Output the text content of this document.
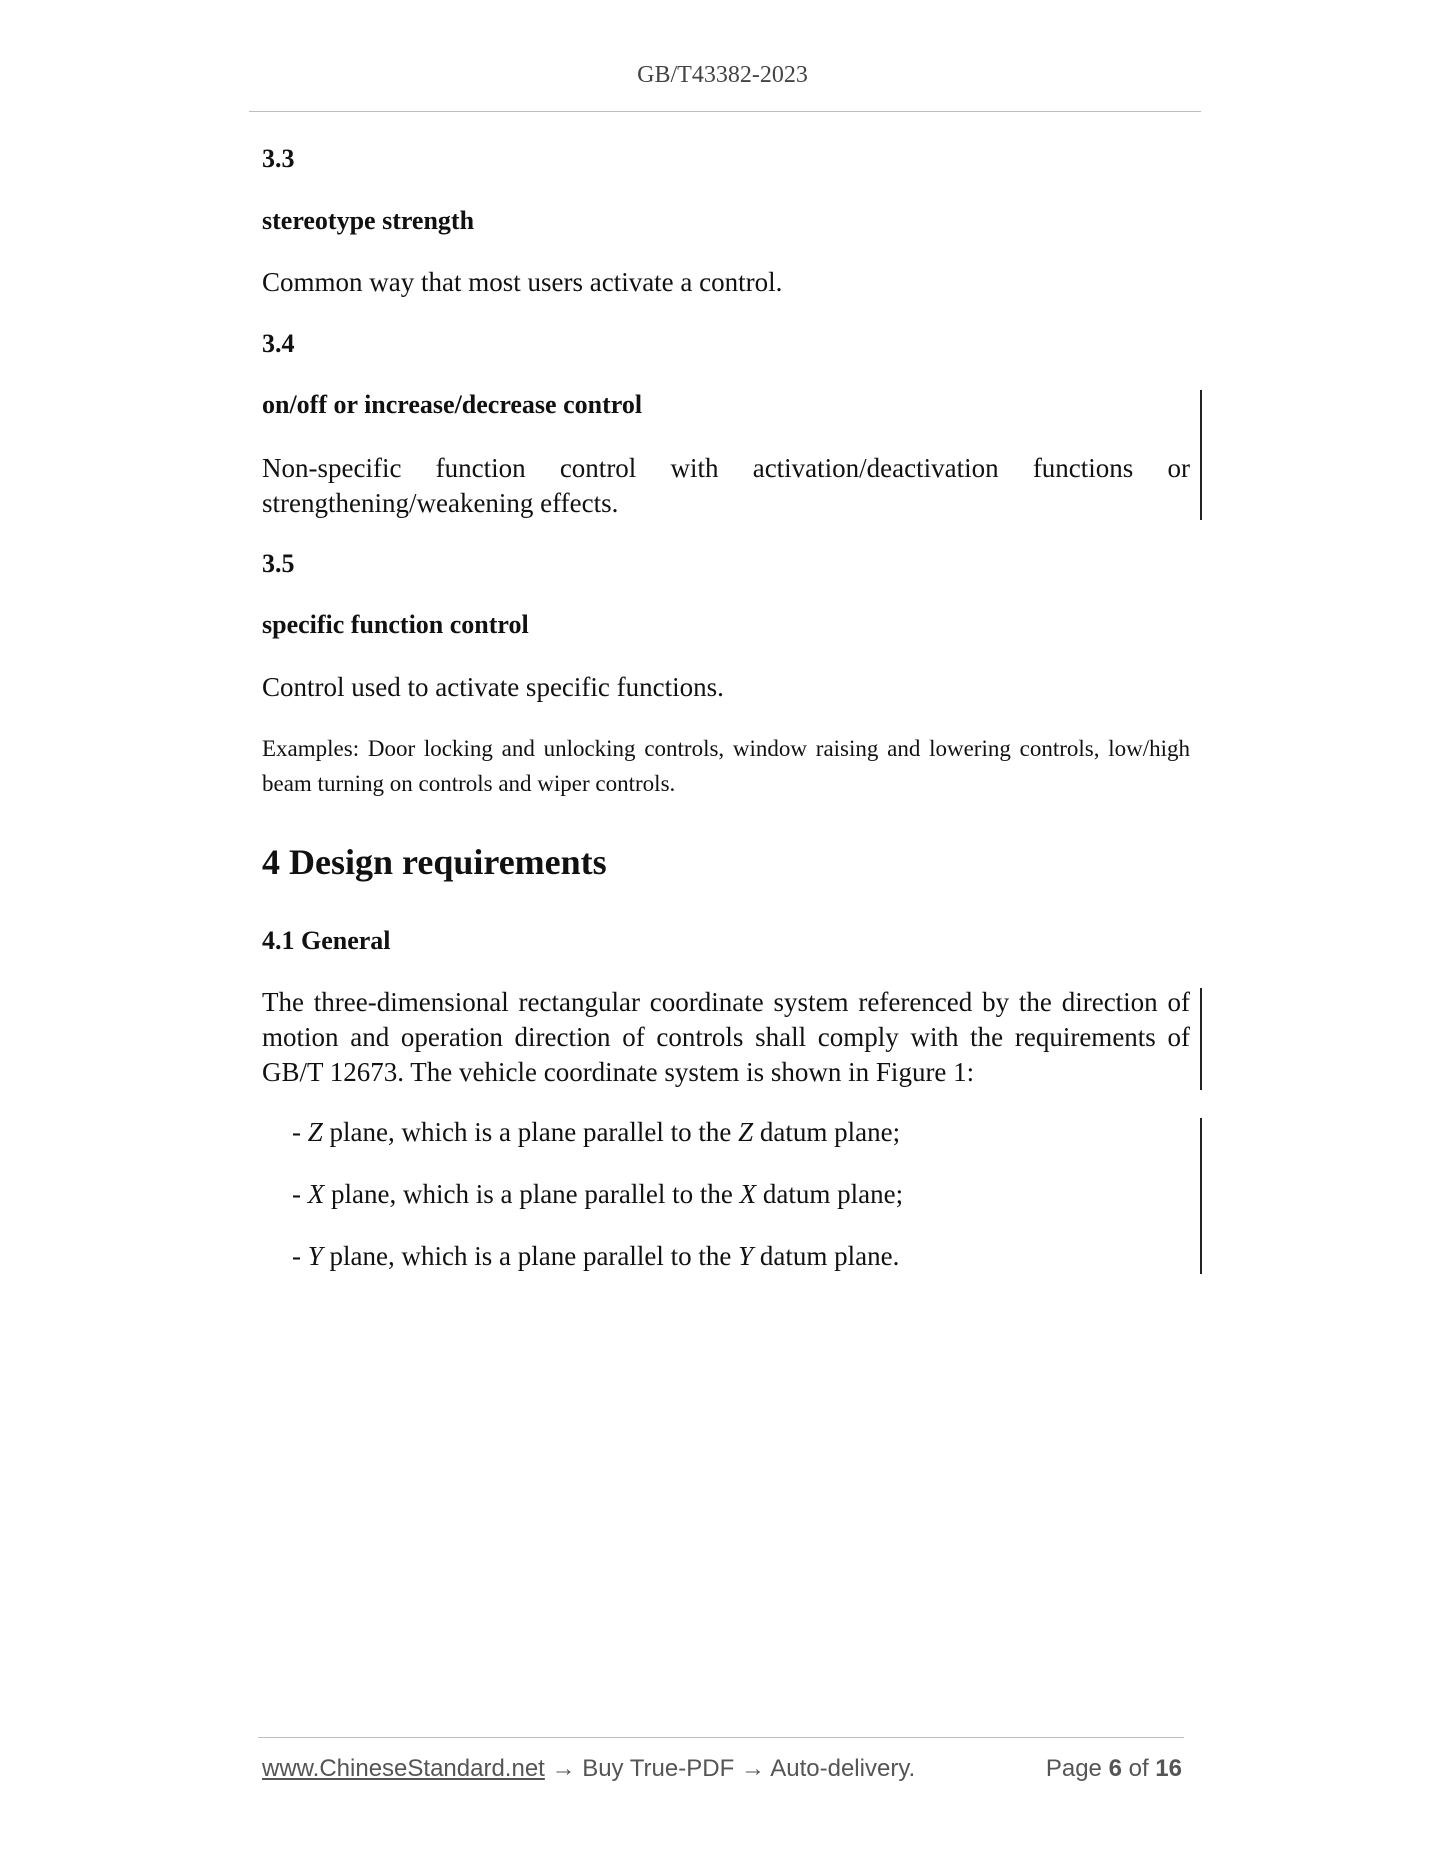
GB/T43382-2023
3.3
stereotype strength
Common way that most users activate a control.
3.4
on/off or increase/decrease control
Non-specific function control with activation/deactivation functions or strengthening/weakening effects.
3.5
specific function control
Control used to activate specific functions.
Examples: Door locking and unlocking controls, window raising and lowering controls, low/high beam turning on controls and wiper controls.
4 Design requirements
4.1 General
The three-dimensional rectangular coordinate system referenced by the direction of motion and operation direction of controls shall comply with the requirements of GB/T 12673. The vehicle coordinate system is shown in Figure 1:
- Z plane, which is a plane parallel to the Z datum plane;
- X plane, which is a plane parallel to the X datum plane;
- Y plane, which is a plane parallel to the Y datum plane.
www.ChineseStandard.net → Buy True-PDF → Auto-delivery.	Page 6 of 16
